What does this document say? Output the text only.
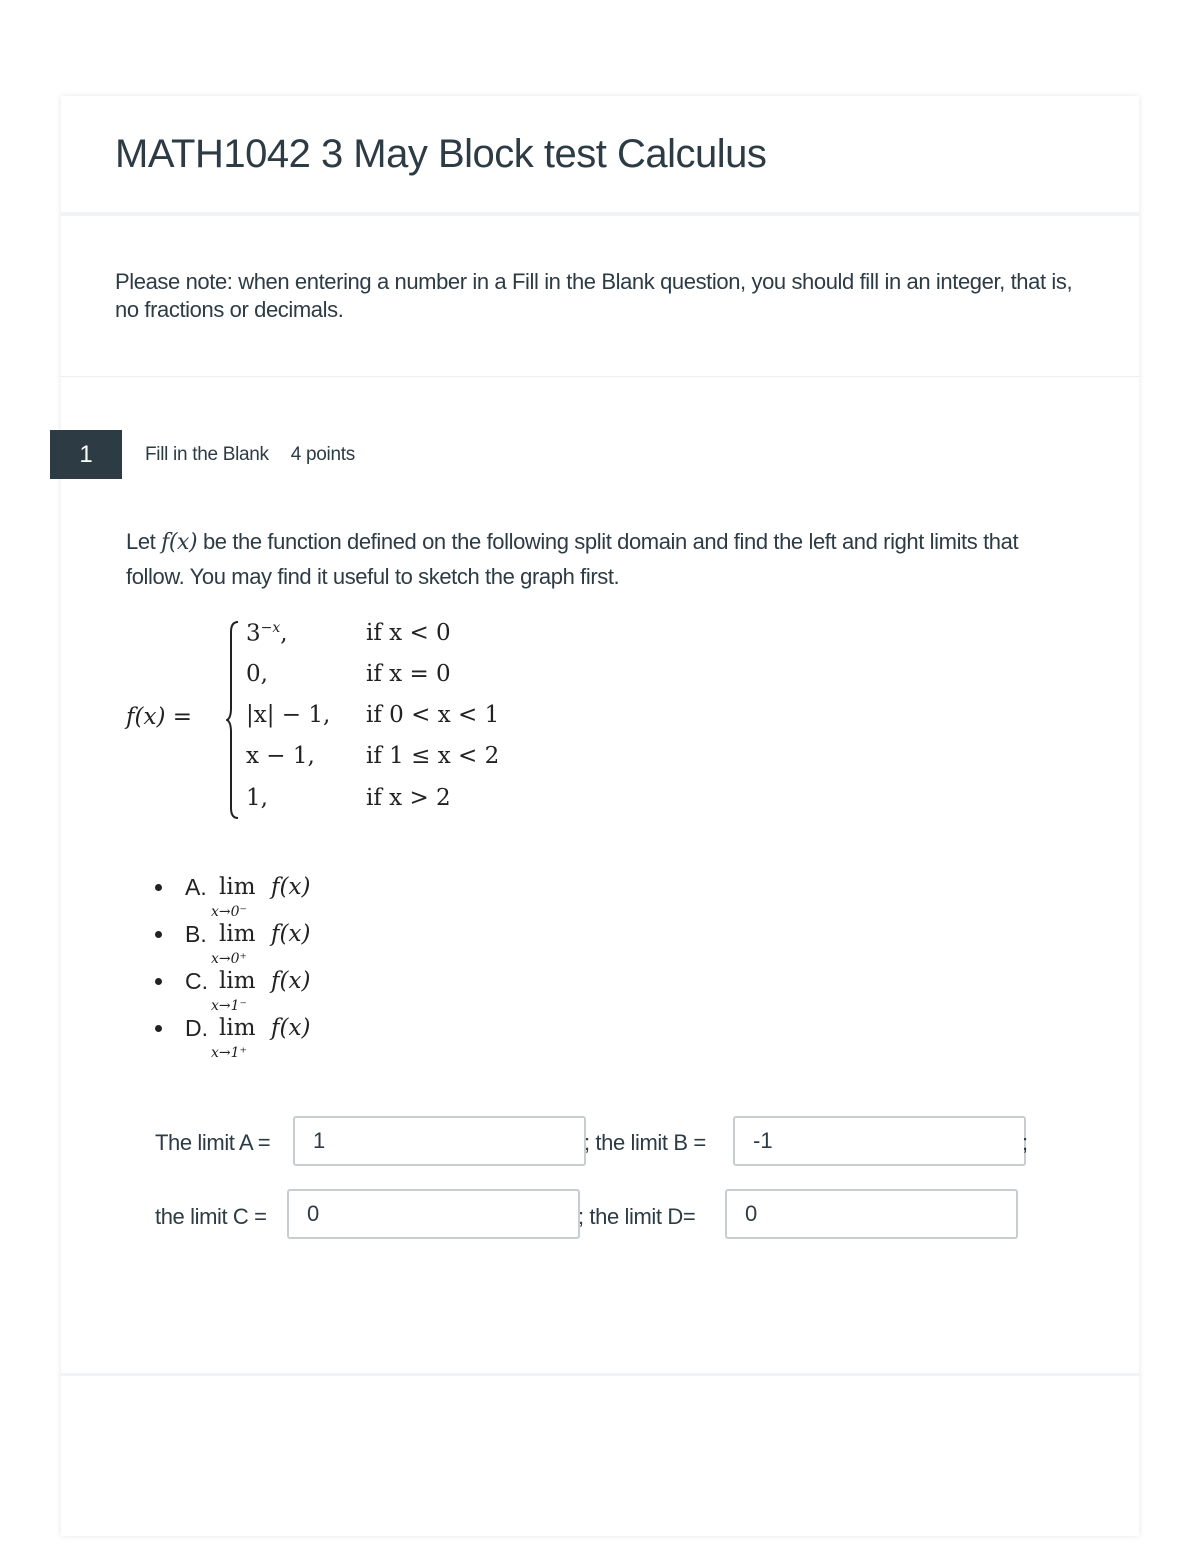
MATH1042 3 May Block test Calculus
Please note: when entering a number in a Fill in the Blank question, you should fill in an integer, that is, no fractions or decimals.
1	Fill in the Blank 4 points
Let f(x) be the function defined on the following split domain and find the left and right limits that follow. You may find it useful to sketch the graph first.
f(x) =
$3^{-x}$,	if x < 0
0,	if x = 0
|x| − 1, if 0 < x < 1
x − 1, if 1 ≤ x < 2
1,	if x > 2
A. lim
x→0⁻
f(x)
B. lim
x→0⁺
f(x)
C. lim
x→1⁻
f(x)
D. lim
x→1⁺
f(x)
The limit A =	1	; the limit B =	-1	;
the limit C =	0	; the limit D=	0
